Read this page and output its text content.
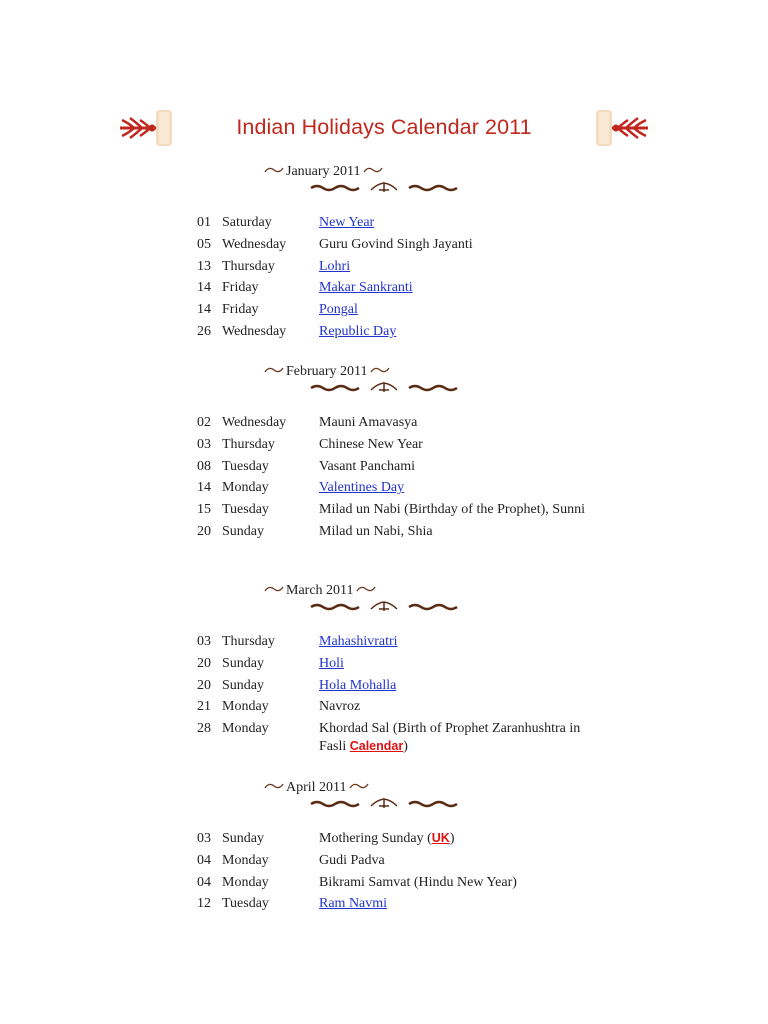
Indian Holidays Calendar 2011
January 2011
01 Saturday	New Year
05 Wednesday	Guru Govind Singh Jayanti
13 Thursday	Lohri
14 Friday	Makar Sankranti
14 Friday	Pongal
26 Wednesday	Republic Day
February 2011
02 Wednesday	Mauni Amavasya
03 Thursday	Chinese New Year
08 Tuesday	Vasant Panchami
14 Monday	Valentines Day
15 Tuesday	Milad un Nabi (Birthday of the Prophet), Sunni
20 Sunday	Milad un Nabi, Shia
March 2011
03 Thursday	Mahashivratri
20 Sunday	Holi
20 Sunday	Hola Mohalla
21 Monday	Navroz
28 Monday	Khordad Sal (Birth of Prophet Zaranhushtra in Fasli Calendar)
April 2011
03 Sunday	Mothering Sunday (UK)
04 Monday	Gudi Padva
04 Monday	Bikrami Samvat (Hindu New Year)
12 Tuesday	Ram Navmi
